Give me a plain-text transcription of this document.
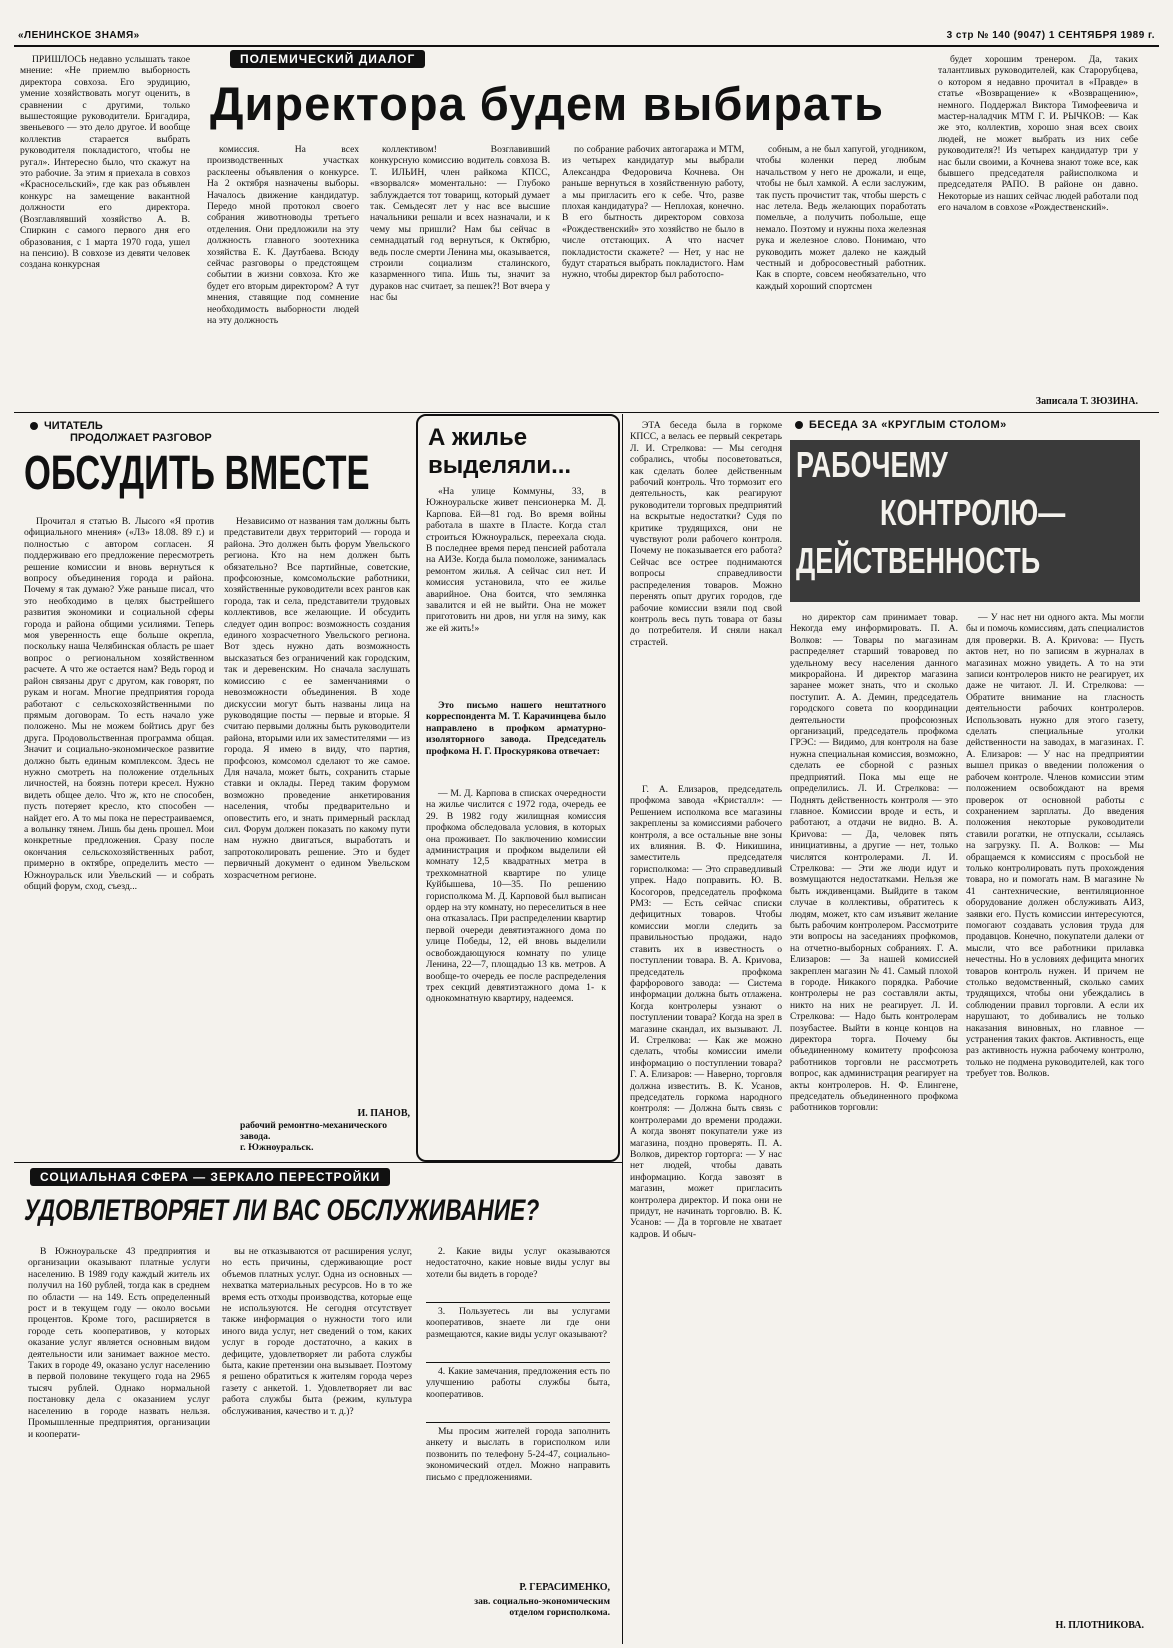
«ЛЕНИНСКОЕ ЗНАМЯ»	3 стр № 140 (9047) 1 СЕНТЯБРЯ 1989 г.
ПОЛЕМИЧЕСКИЙ ДИАЛОГ
Директора будем выбирать

ПРИШЛОСЬ недавно услышать такое мнение: «Не приемлю выборность директора совхоза. Его эрудицию, умение хозяйствовать могут оценить, в сравнении с другими, только вышестоящие руководители. Бригадира, звеньевого — это дело другое. И вообще коллектив старается выбрать руководителя покладистого, чтобы не ругал». Интересно было, что скажут на это рабочие. За этим я приехала в совхоз «Красносельский», где как раз объявлен конкурс на замещение вакантной должности его директора. (Возглавлявший хозяйство А. В. Спиркин с самого первого дня его образования, с 1 марта 1970 года, ушел на пенсию). В совхозе из девяти человек создана конкурсная

комиссия. На всех производственных участках расклеены объявления о конкурсе. На 2 октября назначены выборы. Началось движение кандидатур. Передо мной протокол своего собрания животноводы третьего отделения. Они предложили на эту должность главного зоотехника хозяйства Е. К. Даутбаева. Всюду сейчас разговоры о предстоящем событии в жизни совхоза. Кто же будет его вторым директором? А тут мнения, ставящие под сомнение необходимость выборности людей на эту должность

коллективом! Возглавивший конкурсную комиссию водитель совхоза В. Т. ИЛЬИН, член райкома КПСС, «взорвался» моментально: — Глубоко заблуждается тот товарищ, который думает так. Семьдесят лет у нас все высшие начальники решали и всех назначали, и к чему мы пришли? Нам бы сейчас в семнадцатый год вернуться, к Октябрю, ведь после смерти Ленина мы, оказывается, строили социализм сталинского, казарменного типа. Ишь ты, значит за дураков нас считает, за пешек?! Вот вчера у нас бы

по собрание рабочих автогаража и МТМ, из четырех кандидатур мы выбрали Александра Федоровича Кочнева. Он раньше вернуться в хозяйственную работу, а мы пригласить его к себе. Что, разве плохая кандидатура? — Неплохая, конечно. В его бытность директором совхоза «Рождественский» это хозяйство не было в числе отстающих. А что насчет покладистости скажете? — Нет, у нас не будут стараться выбрать покладистого. Нам нужно, чтобы директор был работоспо-

собным, а не был хапугой, угодником, чтобы коленки перед любым начальством у него не дрожали, и еще, чтобы не был хамкой. А если заслужим, так пусть прочистит так, чтобы шерсть с нас летела. Ведь желающих поработать помельче, а получить побольше, еще немало. Поэтому и нужны поха железная рука и железное слово. Понимаю, что руководить может далеко не каждый честный и добросовестный работник. Как в спорте, совсем необязательно, что каждый хороший спортсмен

будет хорошим тренером. Да, таких талантливых руководителей, как Старорубцева, о котором я недавно прочитал в «Правде» в статье «Возвращение» к «Возвращению», немного. Поддержал Виктора Тимофеевича и мастер-наладчик МТМ Г. И. РЫЧКОВ: — Как же это, коллектив, хорошо зная всех своих людей, не может выбрать из них себе руководителя?! Из четырех кандидатур три у нас были своими, а Кочнева знают тоже все, как бывшего председателя райисполкома и председателя РАПО. В районе он давно. Некоторые из наших сейчас людей работали под его началом в совхозе «Рождественский».

Записала Т. ЗЮЗИНА.
ЧИТАТЕЛЬ
ПРОДОЛЖАЕТ РАЗГОВОР
ОБСУДИТЬ ВМЕСТЕ

Прочитал я статью В. Лысого «Я против официального мнения» («ЛЗ» 18.08. 89 г.) и полностью с автором согласен. Я поддерживаю его предложение пересмотреть решение комиссии и вновь вернуться к вопросу объединения города и района. Почему я так думаю? Уже раньше писал, что это необходимо в целях быстрейшего развития экономики и социальной сферы города и района общими усилиями. Теперь моя уверенность еще больше окрепла, поскольку наша Челябинская область ре шает вопрос о региональном хозяйственном расчете. А что же остается нам? Ведь город и район связаны друг с другом, как говорят, по рукам и ногам. Многие предприятия города работают с сельскохозяйственными по прямым договорам. То есть начало уже положено. Мы не можем бойтись друг без друга. Продовольственная программа общая. Значит и социально-экономическое развитие должно быть единым комплексом. Здесь не нужно смотреть на положение отдельных личностей, на боязнь потери кресел. Нужно видеть общее дело. Что ж, кто не способен, пусть потеряет кресло, кто способен — найдет его. А то мы пока не перестраиваемся, а волынку тянем. Лишь бы день прошел. Мои конкретные предложения. Сразу после окончания сельскохозяйственных работ, примерно в октябре, определить место — Южноуральск или Увельский — и собрать общий форум, сход, съезд...

Независимо от названия там должны быть представители двух территорий — города и района. Это должен быть форум Увельского региона. Кто на нем должен быть обязательно? Все партийные, советские, профсоюзные, комсомольские работники, хозяйственные руководители всех рангов как города, так и села, представители трудовых коллективов, все желающие. И обсудить следует один вопрос: возможность создания единого хозрасчетного Увельского региона. Вот здесь нужно дать возможность высказаться без ограничений как городским, так и деревенским. Но сначала заслушать комиссию с ее заменчаниями о невозможности объединения. В ходе дискуссии могут быть названы лица на руководящие посты — первые и вторые. Я считаю первыми должны быть руководители района, вторыми или их заместителями — из города. Я имею в виду, что партия, профсоюз, комсомол сделают то же самое. Для начала, может быть, сохранить старые ставки и оклады. Перед таким форумом возможно проведение анкетирования населения, чтобы предварительно и оповестить его, и знать примерный расклад сил. Форум должен показать по какому пути нам нужно двигаться, выработать и запротоколировать решение. Это и будет первичный документ о едином Увельском хозрасчетном регионе.

И. ПАНОВ,
рабочий ремонтно-механического завода.
г. Южноуральск.
А жилье выделяли...

«На улице Коммуны, 33, в Южноуральске живет пенсионерка М. Д. Карпова. Ей—81 год. Во время войны работала в шахте в Пласте. Когда стал строиться Южноуральск, переехала сюда. В последнее время перед пенсией работала на АИЗе. Когда была помоложе, занималась ремонтом жилья. А сейчас сил нет. И комиссия установила, что ее жилье аварийное. Она боится, что землянка завалится и ей не выйти. Она не может приготовить ни дров, ни угля на зиму, как же ей жить!»

Это письмо нашего нештатного корреспондента М. Т. Карачинцева было направлено в профком арматурно-изоляторного завода. Председатель профкома Н. Г. Проскурякова отвечает:

— М. Д. Карпова в списках очередности на жилье числится с 1972 года, очередь ее 29. В 1982 году жилищная комиссия профкома обследовала условия, в которых она проживает. По заключению комиссии администрация и профком выделили ей комнату 12,5 квадратных метра в трехкомнатной квартире по улице Куйбышева, 10—35. По решению горисполкома М. Д. Карповой был выписан ордер на эту комнату, но переселиться в нее она отказалась. При распределении квартир первой очереди девятиэтажного дома по улице Победы, 12, ей вновь выделили освобождающуюся комнату по улице Ленина, 22—7, площадью 13 кв. метров. А вообще-то очередь ее после распределения трех секций девятиэтажного дома 1- к однокомнатную квартиру, надеемся.

БЕСЕДА ЗА «КРУГЛЫМ СТОЛОМ»
РАБОЧЕМУ
КОНТРОЛЮ—
ДЕЙСТВЕННОСТЬ

ЭТА беседа была в горкоме КПСС, а велась ее первый секретарь Л. И. Стрелкова: — Мы сегодня собрались, чтобы посоветоваться, как сделать более действенным рабочий контроль. Что тормозит его деятельность, как реагируют руководители торговых предприятий на вскрытые недостатки? Судя по критике трудящихся, они не чувствуют роли рабочего контроля. Почему не показывается его работа? Сейчас все острее поднимаются вопросы справедливости распределения товаров. Можно перенять опыт других городов, где рабочие комиссии взяли под свой контроль весь путь товара от базы до потребителя. И сняли накал страстей.

Г. А. Елизаров, председатель профкома завода «Кристалл»: — Решением исполкома все магазины закреплены за комиссиями рабочего контроля, а все остальные вне зоны их влияния. В. Ф. Никишина, заместитель председателя горисполкома: — Это справедливый упрек. Надо поправить. Ю. В. Косогоров, председатель профкома РМЗ: — Есть сейчас списки дефицитных товаров. Чтобы комиссии могли следить за правильностью продажи, надо ставить их в известность о поступлении товара. В. А. Криvова, председатель профкома фарфорового завода: — Система информации должна быть отлажена. Когда контролеры узнают о поступлении товара? Когда на зрел в магазине скандал, их вызывают. Л. И. Стрелкова: — Как же можно сделать, чтобы комиссии имели информацию о поступлении товара? Г. А. Елизаров: — Наверно, торговля должна известить. В. К. Усанов, председатель горкома народного контроля: — Должна быть связь с контролерами до времени продажи. А когда звонят покупатели уже из магазина, поздно проверять. П. А. Волков, директор горторга: — У нас нет людей, чтобы давать информацию. Когда завозят в магазин, может пригласить контролера директор. И пока они не придут, не начинать торговлю. В. К. Усанов: — Да в торговле не хватает кадров. И обыч-

но директор сам принимает товар. Некогда ему информировать. П. А. Волков: — Товары по магазинам распределяет старший товаровед по удельному весу населения данного микрорайона. И директор магазина заранее может знать, что и сколько поступит. А. А. Демин, председатель городского совета по координации деятельности профсоюзных организаций, председатель профкома ГРЭС: — Видимо, для контроля на базе нужна специальная комиссия, возможно, сделать ее сборной с разных предприятий. Пока мы еще не определились. Л. И. Стрелкова: — Поднять действенность контроля — это главное. Комиссии вроде и есть, и работают, а отдачи не видно. В. А. Криvова: — Да, человек пять инициативны, а другие — нет, только числятся контролерами. Л. И. Стрелкова: — Эти же люди идут и возмущаются недостатками. Нельзя же быть иждивенцами. Выйдите в таком случае в коллективы, обратитесь к людям, может, кто сам изъявит желание быть рабочим контролером. Рассмотрите эти вопросы на заседаниях профкомов, на отчетно-выборных собраниях. Г. А. Елизаров: — За нашей комиссией закреплен магазин № 41. Самый плохой в городе. Никакого порядка. Рабочие контролеры не раз составляли акты, никто на них не реагирует. Л. И. Стрелкова: — Надо быть контролерам позубастее. Выйти в конце концов на директора торга. Почему бы объединенному комитету профсоюза работников торговли не рассмотреть вопрос, как администрация реагирует на акты контролеров. Н. Ф. Елингене, председатель объединенного профкома работников торговли:

— У нас нет ни одного акта. Мы могли бы и помочь комиссиям, дать специалистов для проверки. В. А. Криvова: — Пусть актов нет, но по записям в журналах в магазинах можно увидеть. А то на эти записи контролеров никто не реагирует, их даже не читают. Л. И. Стрелкова: —Обратите внимание на гласность деятельности рабочих контролеров. Использовать нужно для этого газету, сделать специальные уголки действенности на заводах, в магазинах. Г. А. Елизаров: — У нас на предприятии вышел приказ о введении положения о рабочем контроле. Членов комиссии этим положением освобождают на время проверок от основной работы с сохранением зарплаты. До введения положения некоторые руководители ставили рогатки, не отпускали, ссылаясь на загрузку. П. А. Волков: — Мы обращаемся к комиссиям с просьбой не только контролировать путь прохождения товара, но и помогать нам. В магазине № 41 сантехнические, вентиляционное оборудование должен обслуживать АИЗ, заявки его. Пусть комиссии интересуются, помогают создавать условия труда для продавцов. Конечно, покупатели далеки от мысли, что все работники прилавка нечестны. Но в условиях дефицита многих товаров контроль нужен. И причем не столько ведомственный, сколько самих трудящихся, чтобы они убеждались в соблюдении правил торговли. А если их нарушают, то добивались не только наказания виновных, но главное — устранения таких фактов. Активность, еще раз активность нужна рабочему контролю, только не подмена руководителей, как того требует тов. Волков.

Н. ПЛОТНИКОВА.
СОЦИАЛЬНАЯ СФЕРА — ЗЕРКАЛО ПЕРЕСТРОЙКИ
УДОВЛЕТВОРЯЕТ ЛИ ВАС ОБСЛУЖИВАНИЕ?

В Южноуральске 43 предприятия и организации оказывают платные услуги населению. В 1989 году каждый житель их получил на 160 рублей, тогда как в среднем по области — на 149. Есть определенный рост и в текущем году — около восьми процентов. Кроме того, расширяется в городе сеть кооперативов, у которых оказание услуг является основным видом деятельности или занимает важное место. Таких в городе 49, оказано услуг населению в первой половине текущего года на 2965 тысяч рублей. Однако нормальной постановку дела с оказанием услуг населению в городе назвать нельзя. Промышленные предприятия, организации и кооперати-

вы не отказываются от расширения услуг, но есть причины, сдерживающие рост объемов платных услуг. Одна из основных — нехватка материальных ресурсов. Но в то же время есть отходы производства, которые еще не используются. Не сегодня отсутствует также информация о нужности того или иного вида услуг, нет сведений о том, каких услуг в городе достаточно, а каких в дефиците, удовлетворяет ли работа службы быта, какие претензии она вызывает. Поэтому я решено обратиться к жителям города через газету с анкетой. 1. Удовлетворяет ли вас работа службы быта (режим, культура обслуживания, качество и т. д.)?

2. Какие виды услуг оказываются недостаточно, какие новые виды услуг вы хотели бы видеть в городе?

3. Пользуетесь ли вы услугами кооперативов, знаете ли где они размещаются, какие виды услуг оказывают?

4. Какие замечания, предложения есть по улучшению работы службы быта, кооперативов.

Мы просим жителей города заполнить анкету и выслать в горисполком или позвонить по телефону 5-24-47, социально-экономический отдел. Можно направить письмо с предложениями.

Р. ГЕРАСИМЕНКО,
зав. социально-экономическим отделом горисполкома.
